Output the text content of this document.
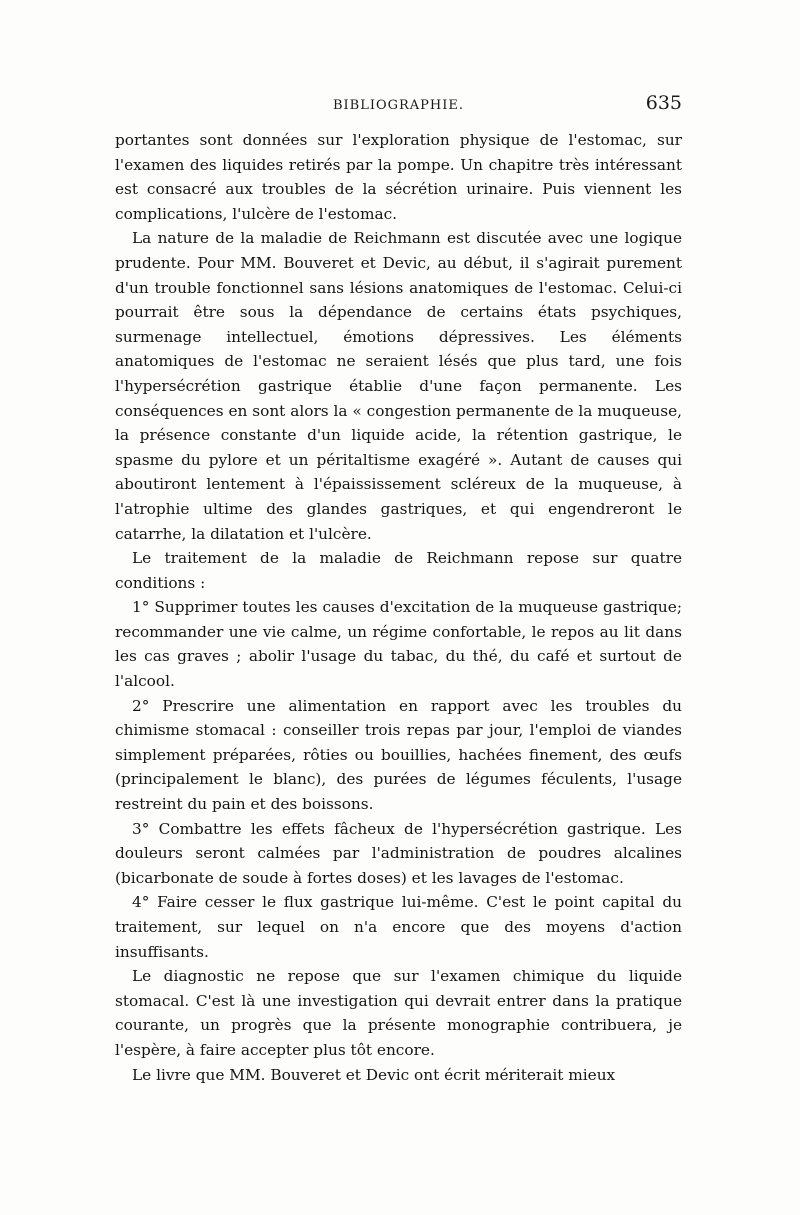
BIBLIOGRAPHIE.	635

portantes sont données sur l'exploration physique de l'estomac, sur l'examen des liquides retirés par la pompe. Un chapitre très intéressant est consacré aux troubles de la sécrétion urinaire. Puis viennent les complications, l'ulcère de l'estomac.

La nature de la maladie de Reichmann est discutée avec une logique prudente. Pour MM. Bouveret et Devic, au début, il s'agirait purement d'un trouble fonctionnel sans lésions anatomiques de l'estomac. Celui-ci pourrait être sous la dépendance de certains états psychiques, surmenage intellectuel, émotions dépressives. Les éléments anatomiques de l'estomac ne seraient lésés que plus tard, une fois l'hypersécrétion gastrique établie d'une façon permanente. Les conséquences en sont alors la « congestion permanente de la muqueuse, la présence constante d'un liquide acide, la rétention gastrique, le spasme du pylore et un péritaltisme exagéré ». Autant de causes qui aboutiront lentement à l'épaississement scléreux de la muqueuse, à l'atrophie ultime des glandes gastriques, et qui engendreront le catarrhe, la dilatation et l'ulcère.

Le traitement de la maladie de Reichmann repose sur quatre conditions :

1° Supprimer toutes les causes d'excitation de la muqueuse gastrique; recommander une vie calme, un régime confortable, le repos au lit dans les cas graves ; abolir l'usage du tabac, du thé, du café et surtout de l'alcool.

2° Prescrire une alimentation en rapport avec les troubles du chimisme stomacal : conseiller trois repas par jour, l'emploi de viandes simplement préparées, rôties ou bouillies, hachées finement, des œufs (principalement le blanc), des purées de légumes féculents, l'usage restreint du pain et des boissons.

3° Combattre les effets fâcheux de l'hypersécrétion gastrique. Les douleurs seront calmées par l'administration de poudres alcalines (bicarbonate de soude à fortes doses) et les lavages de l'estomac.

4° Faire cesser le flux gastrique lui-même. C'est le point capital du traitement, sur lequel on n'a encore que des moyens d'action insuffisants.

Le diagnostic ne repose que sur l'examen chimique du liquide stomacal. C'est là une investigation qui devrait entrer dans la pratique courante, un progrès que la présente monographie contribuera, je l'espère, à faire accepter plus tôt encore.

Le livre que MM. Bouveret et Devic ont écrit mériterait mieux
